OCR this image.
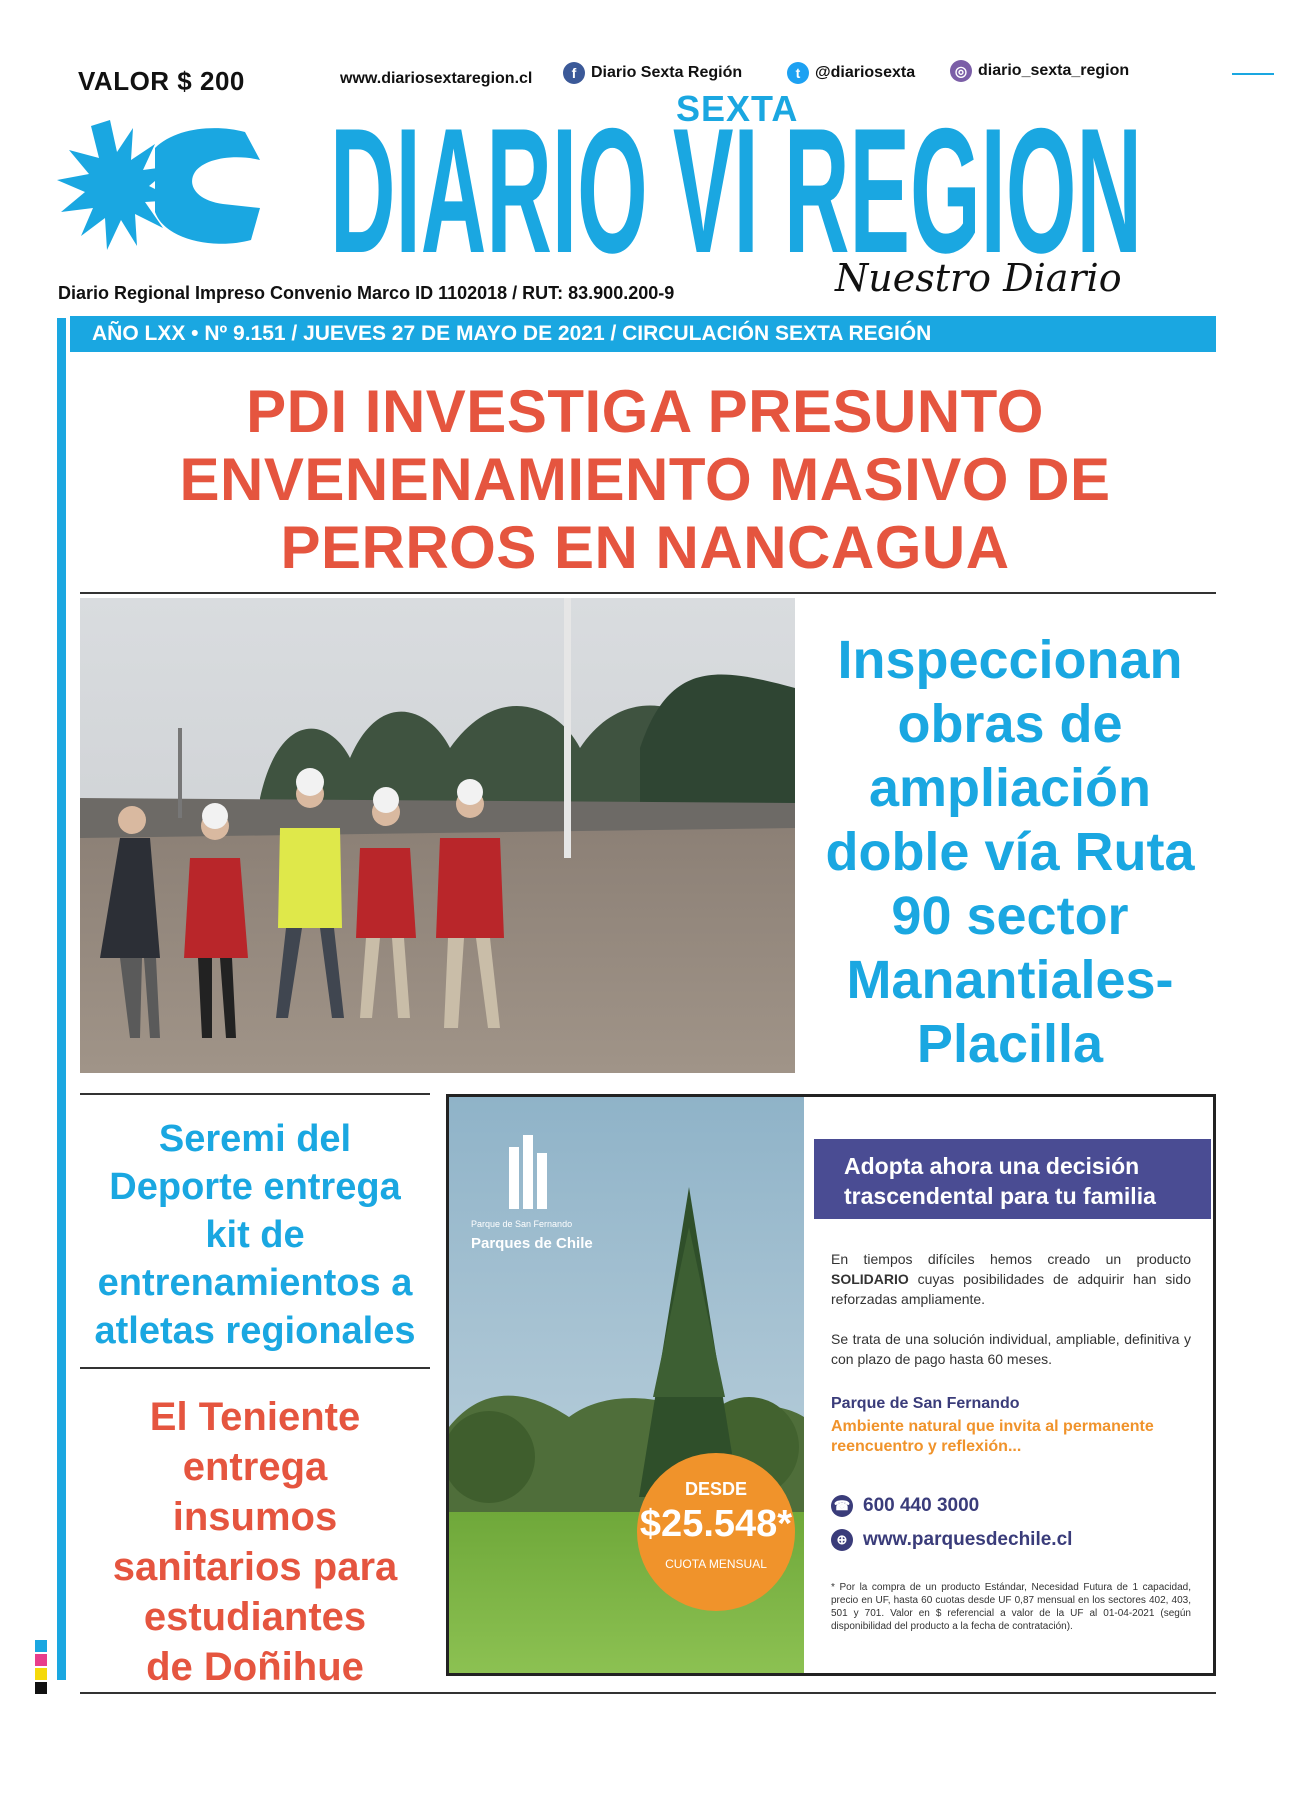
VALOR $ 200	www.diariosextaregion.cl	f Diario Sexta Región	t @diariosexta	◎ diario_sexta_region
DIARIO VI REGION
SEXTA
Nuestro Diario
Diario Regional Impreso Convenio Marco ID 1102018 / RUT: 83.900.200-9
AÑO LXX • Nº 9.151 / JUEVES 27 DE MAYO DE 2021 / CIRCULACIÓN SEXTA REGIÓN
PDI INVESTIGA PRESUNTO
ENVENENAMIENTO MASIVO DE
PERROS EN NANCAGUA
Inspeccionan
obras de
ampliación
doble vía Ruta
90 sector
Manantiales-
Placilla
Seremi del
Deporte entrega
kit de
entrenamientos a
atletas regionales
El Teniente
entrega
insumos
sanitarios para
estudiantes
de Doñihue
Parque de San Fernando
Parques de Chile
DESDE
$25.548*
CUOTA MENSUAL
Adopta ahora una decisión
trascendental para tu familia
En tiempos difíciles hemos creado un producto SOLIDARIO cuyas posibilidades de adquirir han sido reforzadas ampliamente.
Se trata de una solución individual, ampliable, definitiva y con plazo de pago hasta 60 meses.
Parque de San Fernando
Ambiente natural que invita al permanente reencuentro y reflexión...
☎ 600 440 3000
⊕ www.parquesdechile.cl
* Por la compra de un producto Estándar, Necesidad Futura de 1 capacidad, precio en UF, hasta 60 cuotas desde UF 0,87 mensual en los sectores 402, 403, 501 y 701. Valor en $ referencial a valor de la UF al 01-04-2021 (según disponibilidad del producto a la fecha de contratación).
